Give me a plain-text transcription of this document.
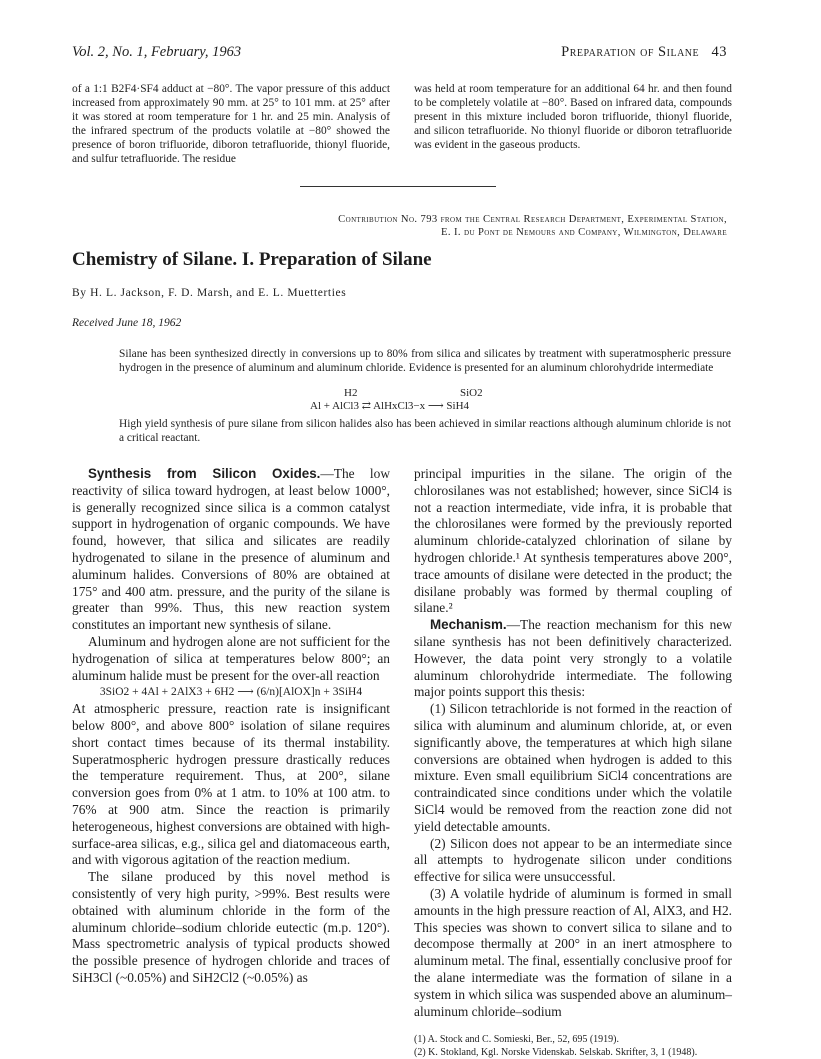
Vol. 2, No. 1, February, 1963	Preparation of Silane 43
of a 1:1 B2F4·SF4 adduct at −80°. The vapor pressure of this adduct increased from approximately 90 mm. at 25° to 101 mm. at 25° after it was stored at room temperature for 1 hr. and 25 min. Analysis of the infrared spectrum of the products volatile at −80° showed the presence of boron trifluoride, diboron tetrafluoride, thionyl fluoride, and sulfur tetrafluoride. The residue
was held at room temperature for an additional 64 hr. and then found to be completely volatile at −80°. Based on infrared data, compounds present in this mixture included boron trifluoride, thionyl fluoride, and silicon tetrafluoride. No thionyl fluoride or diboron tetrafluoride was evident in the gaseous products.
Contribution No. 793 from the Central Research Department, Experimental Station,
E. I. du Pont de Nemours and Company, Wilmington, Delaware
Chemistry of Silane. I. Preparation of Silane
By H. L. Jackson, F. D. Marsh, and E. L. Muetterties
Received June 18, 1962
Silane has been synthesized directly in conversions up to 80% from silica and silicates by treatment with superatmospheric pressure hydrogen in the presence of aluminum and aluminum chloride. Evidence is presented for an aluminum chlorohydride intermediate
H2	SiO2
Al + AlCl3 ⇄ AlHxCl3−x ⟶ SiH4
High yield synthesis of pure silane from silicon halides also has been achieved in similar reactions although aluminum chloride is not a critical reactant.

Synthesis from Silicon Oxides.—The low reactivity of silica toward hydrogen, at least below 1000°, is generally recognized since silica is a common catalyst support in hydrogenation of organic compounds. We have found, however, that silica and silicates are readily hydrogenated to silane in the presence of aluminum and aluminum halides. Conversions of 80% are obtained at 175° and 400 atm. pressure, and the purity of the silane is greater than 99%. Thus, this new reaction system constitutes an important new synthesis of silane.

Aluminum and hydrogen alone are not sufficient for the hydrogenation of silica at temperatures below 800°; an aluminum halide must be present for the over-all reaction

3SiO2 + 4Al + 2AlX3 + 6H2 ⟶ (6/n)[AlOX]n + 3SiH4

At atmospheric pressure, reaction rate is insignificant below 800°, and above 800° isolation of silane requires short contact times because of its thermal instability. Superatmospheric hydrogen pressure drastically reduces the temperature requirement. Thus, at 200°, silane conversion goes from 0% at 1 atm. to 10% at 100 atm. to 76% at 900 atm. Since the reaction is primarily heterogeneous, highest conversions are obtained with high-surface-area silicas, e.g., silica gel and diatomaceous earth, and with vigorous agitation of the reaction medium.

The silane produced by this novel method is consistently of very high purity, >99%. Best results were obtained with aluminum chloride in the form of the aluminum chloride–sodium chloride eutectic (m.p. 120°). Mass spectrometric analysis of typical products showed the possible presence of hydrogen chloride and traces of SiH3Cl (~0.05%) and SiH2Cl2 (~0.05%) as

principal impurities in the silane. The origin of the chlorosilanes was not established; however, since SiCl4 is not a reaction intermediate, vide infra, it is probable that the chlorosilanes were formed by the previously reported aluminum chloride-catalyzed chlorination of silane by hydrogen chloride.¹ At synthesis temperatures above 200°, trace amounts of disilane were detected in the product; the disilane probably was formed by thermal coupling of silane.²

Mechanism.—The reaction mechanism for this new silane synthesis has not been definitively characterized. However, the data point very strongly to a volatile aluminum chlorohydride intermediate. The following major points support this thesis:

(1) Silicon tetrachloride is not formed in the reaction of silica with aluminum and aluminum chloride, at, or even significantly above, the temperatures at which high silane conversions are obtained when hydrogen is added to this mixture. Even small equilibrium SiCl4 concentrations are contraindicated since conditions under which the volatile SiCl4 would be removed from the reaction zone did not yield detectable amounts.

(2) Silicon does not appear to be an intermediate since all attempts to hydrogenate silicon under conditions effective for silica were unsuccessful.

(3) A volatile hydride of aluminum is formed in small amounts in the high pressure reaction of Al, AlX3, and H2. This species was shown to convert silica to silane and to decompose thermally at 200° in an inert atmosphere to aluminum metal. The final, essentially conclusive proof for the alane intermediate was the formation of silane in a system in which silica was suspended above an aluminum–aluminum chloride–sodium

(1) A. Stock and C. Somieski, Ber., 52, 695 (1919).
(2) K. Stokland, Kgl. Norske Videnskab. Selskab. Skrifter, 3, 1 (1948).
